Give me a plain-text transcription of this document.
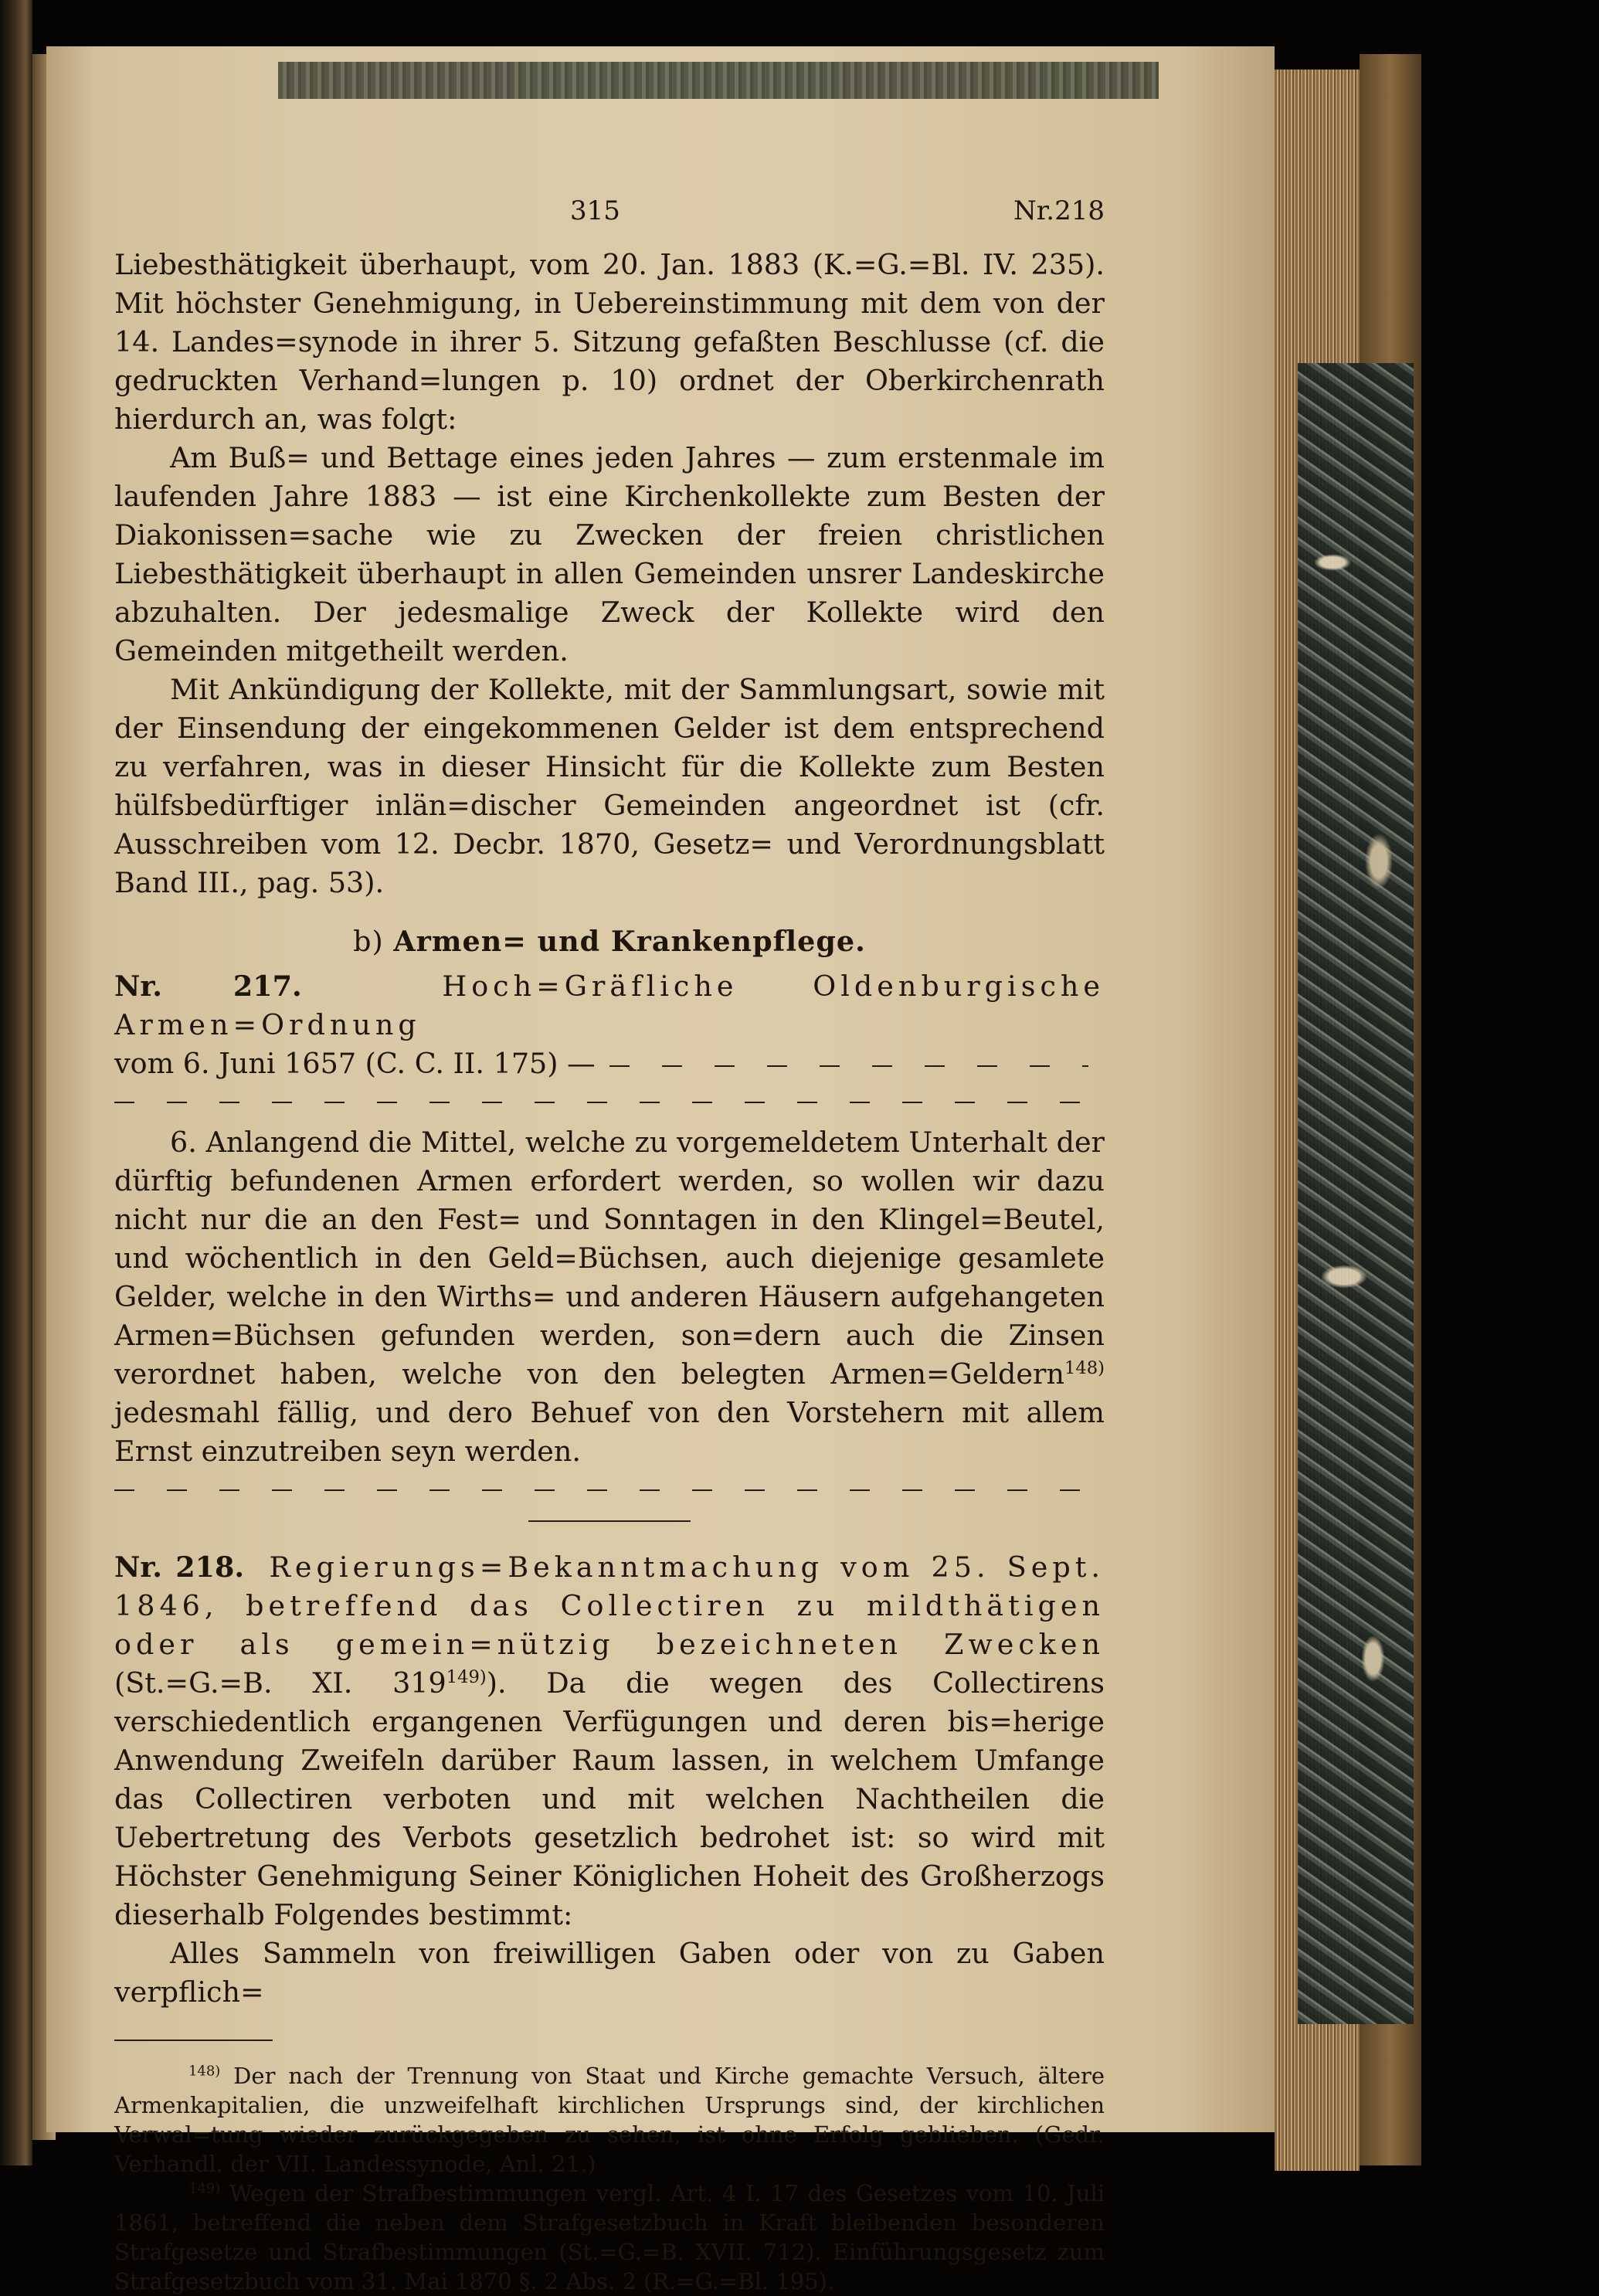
315	Nr.218

Liebesthätigkeit überhaupt, vom 20. Jan. 1883 (K.=G.=Bl. IV. 235). Mit höchster Genehmigung, in Uebereinstimmung mit dem von der 14. Landes=synode in ihrer 5. Sitzung gefaßten Beschlusse (cf. die gedruckten Verhand=lungen p. 10) ordnet der Oberkirchenrath hierdurch an, was folgt:

Am Buß= und Bettage eines jeden Jahres — zum erstenmale im laufenden Jahre 1883 — ist eine Kirchenkollekte zum Besten der Diakonissen=sache wie zu Zwecken der freien christlichen Liebesthätigkeit überhaupt in allen Gemeinden unsrer Landeskirche abzuhalten. Der jedesmalige Zweck der Kollekte wird den Gemeinden mitgetheilt werden.

Mit Ankündigung der Kollekte, mit der Sammlungsart, sowie mit der Einsendung der eingekommenen Gelder ist dem entsprechend zu verfahren, was in dieser Hinsicht für die Kollekte zum Besten hülfsbedürftiger inlän=discher Gemeinden angeordnet ist (cfr. Ausschreiben vom 12. Decbr. 1870, Gesetz= und Verordnungsblatt Band III., pag. 53).

b) Armen= und Krankenpflege.

Nr. 217.	Hoch=Gräfliche Oldenburgische Armen=Ordnung

vom 6. Juni 1657 (C. C. II. 175) —

6. Anlangend die Mittel, welche zu vorgemeldetem Unterhalt der dürftig befundenen Armen erfordert werden, so wollen wir dazu nicht nur die an den Fest= und Sonntagen in den Klingel=Beutel, und wöchentlich in den Geld=Büchsen, auch diejenige gesamlete Gelder, welche in den Wirths= und anderen Häusern aufgehangeten Armen=Büchsen gefunden werden, son=dern auch die Zinsen verordnet haben, welche von den belegten Armen=Geldern$^{148)}$ jedesmahl fällig, und dero Behuef von den Vorstehern mit allem Ernst einzutreiben seyn werden.

Nr. 218. Regierungs=Bekanntmachung vom 25. Sept. 1846, betreffend das Collectiren zu mildthätigen oder als gemein=nützig bezeichneten Zwecken (St.=G.=B. XI. 319$^{149)}$). Da die wegen des Collectirens verschiedentlich ergangenen Verfügungen und deren bis=herige Anwendung Zweifeln darüber Raum lassen, in welchem Umfange das Collectiren verboten und mit welchen Nachtheilen die Uebertretung des Verbots gesetzlich bedrohet ist: so wird mit Höchster Genehmigung Seiner Königlichen Hoheit des Großherzogs dieserhalb Folgendes bestimmt:

Alles Sammeln von freiwilligen Gaben oder von zu Gaben verpflich=

$^{148)}$ Der nach der Trennung von Staat und Kirche gemachte Versuch, ältere Armenkapitalien, die unzweifelhaft kirchlichen Ursprungs sind, der kirchlichen Verwal=tung wieder zurückgegeben zu sehen, ist ohne Erfolg geblieben. (Gedr. Verhandl. der VII. Landessynode, Anl. 21.)

$^{149)}$ Wegen der Strafbestimmungen vergl. Art. 4 I. 17 des Gesetzes vom 10. Juli 1861, betreffend die neben dem Strafgesetzbuch in Kraft bleibenden besonderen Strafgesetze und Strafbestimmungen (St.=G.=B. XVII. 712). Einführungsgesetz zum Strafgesetzbuch vom 31. Mai 1870 §. 2 Abs. 2 (R.=G.=Bl. 195).
